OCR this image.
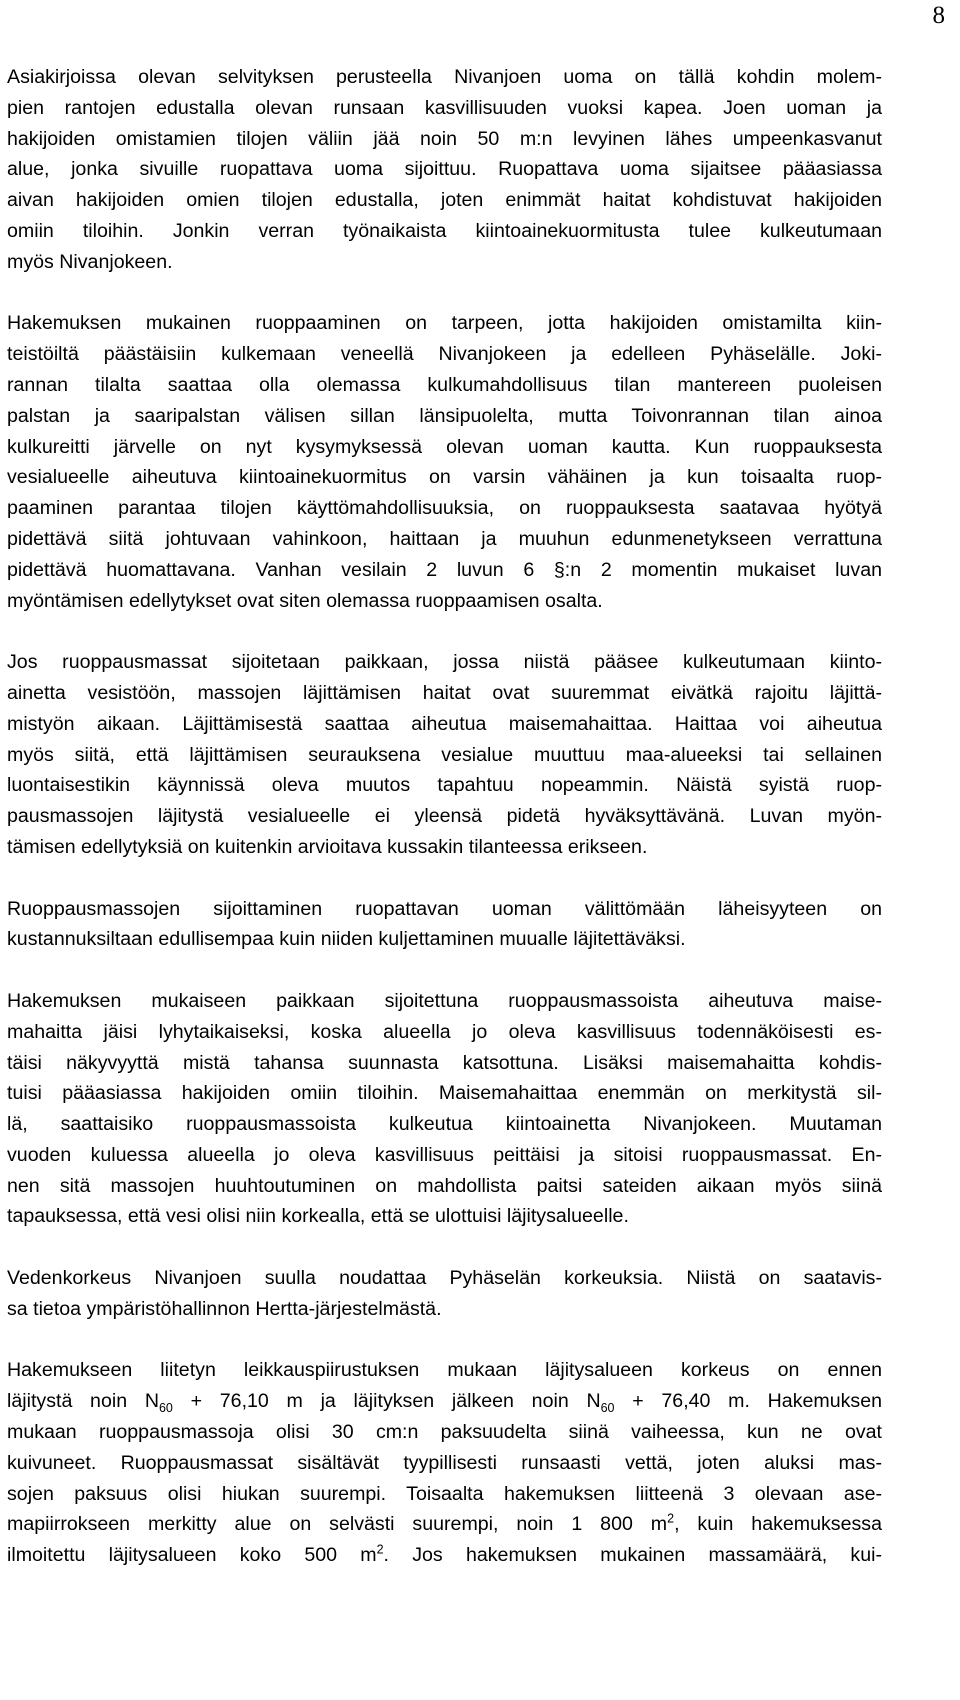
8

Asiakirjoissa olevan selvityksen perusteella Nivanjoen uoma on tällä kohdin molem-
pien rantojen edustalla olevan runsaan kasvillisuuden vuoksi kapea. Joen uoman ja
hakijoiden omistamien tilojen väliin jää noin 50 m:n levyinen lähes umpeenkasvanut
alue, jonka sivuille ruopattava uoma sijoittuu. Ruopattava uoma sijaitsee pääasiassa
aivan hakijoiden omien tilojen edustalla, joten enimmät haitat kohdistuvat hakijoiden
omiin tiloihin. Jonkin verran työnaikaista kiintoainekuormitusta tulee kulkeutumaan
myös Nivanjokeen.

Hakemuksen mukainen ruoppaaminen on tarpeen, jotta hakijoiden omistamilta kiin-
teistöiltä päästäisiin kulkemaan veneellä Nivanjokeen ja edelleen Pyhäselälle. Joki-
rannan tilalta saattaa olla olemassa kulkumahdollisuus tilan mantereen puoleisen
palstan ja saaripalstan välisen sillan länsipuolelta, mutta Toivonrannan tilan ainoa
kulkureitti järvelle on nyt kysymyksessä olevan uoman kautta. Kun ruoppauksesta
vesialueelle aiheutuva kiintoainekuormitus on varsin vähäinen ja kun toisaalta ruop-
paaminen parantaa tilojen käyttömahdollisuuksia, on ruoppauksesta saatavaa hyötyä
pidettävä siitä johtuvaan vahinkoon, haittaan ja muuhun edunmenetykseen verrattuna
pidettävä huomattavana. Vanhan vesilain 2 luvun 6 §:n 2 momentin mukaiset luvan
myöntämisen edellytykset ovat siten olemassa ruoppaamisen osalta.

Jos ruoppausmassat sijoitetaan paikkaan, jossa niistä pääsee kulkeutumaan kiinto-
ainetta vesistöön, massojen läjittämisen haitat ovat suuremmat eivätkä rajoitu läjittä-
mistyön aikaan. Läjittämisestä saattaa aiheutua maisemahaittaa. Haittaa voi aiheutua
myös siitä, että läjittämisen seurauksena vesialue muuttuu maa-alueeksi tai sellainen
luontaisestikin käynnissä oleva muutos tapahtuu nopeammin. Näistä syistä ruop-
pausmassojen läjitystä vesialueelle ei yleensä pidetä hyväksyttävänä. Luvan myön-
tämisen edellytyksiä on kuitenkin arvioitava kussakin tilanteessa erikseen.

Ruoppausmassojen sijoittaminen ruopattavan uoman välittömään läheisyyteen on
kustannuksiltaan edullisempaa kuin niiden kuljettaminen muualle läjitettäväksi.

Hakemuksen mukaiseen paikkaan sijoitettuna ruoppausmassoista aiheutuva maise-
mahaitta jäisi lyhytaikaiseksi, koska alueella jo oleva kasvillisuus todennäköisesti es-
täisi näkyvyyttä mistä tahansa suunnasta katsottuna. Lisäksi maisemahaitta kohdis-
tuisi pääasiassa hakijoiden omiin tiloihin. Maisemahaittaa enemmän on merkitystä sil-
lä, saattaisiko ruoppausmassoista kulkeutua kiintoainetta Nivanjokeen. Muutaman
vuoden kuluessa alueella jo oleva kasvillisuus peittäisi ja sitoisi ruoppausmassat. En-
nen sitä massojen huuhtoutuminen on mahdollista paitsi sateiden aikaan myös siinä
tapauksessa, että vesi olisi niin korkealla, että se ulottuisi läjitysalueelle.

Vedenkorkeus Nivanjoen suulla noudattaa Pyhäselän korkeuksia. Niistä on saatavis-
sa tietoa ympäristöhallinnon Hertta-järjestelmästä.

Hakemukseen liitetyn leikkauspiirustuksen mukaan läjitysalueen korkeus on ennen
läjitystä noin $N_{60} + 76,10$ m ja läjityksen jälkeen noin $N_{60} + 76,40$ m. Hakemuksen
mukaan ruoppausmassoja olisi 30 cm:n paksuudelta siinä vaiheessa, kun ne ovat
kuivuneet. Ruoppausmassat sisältävät tyypillisesti runsaasti vettä, joten aluksi mas-
sojen paksuus olisi hiukan suurempi. Toisaalta hakemuksen liitteenä 3 olevaan ase-
mapiirrokseen merkitty alue on selvästi suurempi, noin 1 800 $m^2$, kuin hakemuksessa
ilmoitettu läjitysalueen koko 500 $m^2$. Jos hakemuksen mukainen massamäärä, kui-
